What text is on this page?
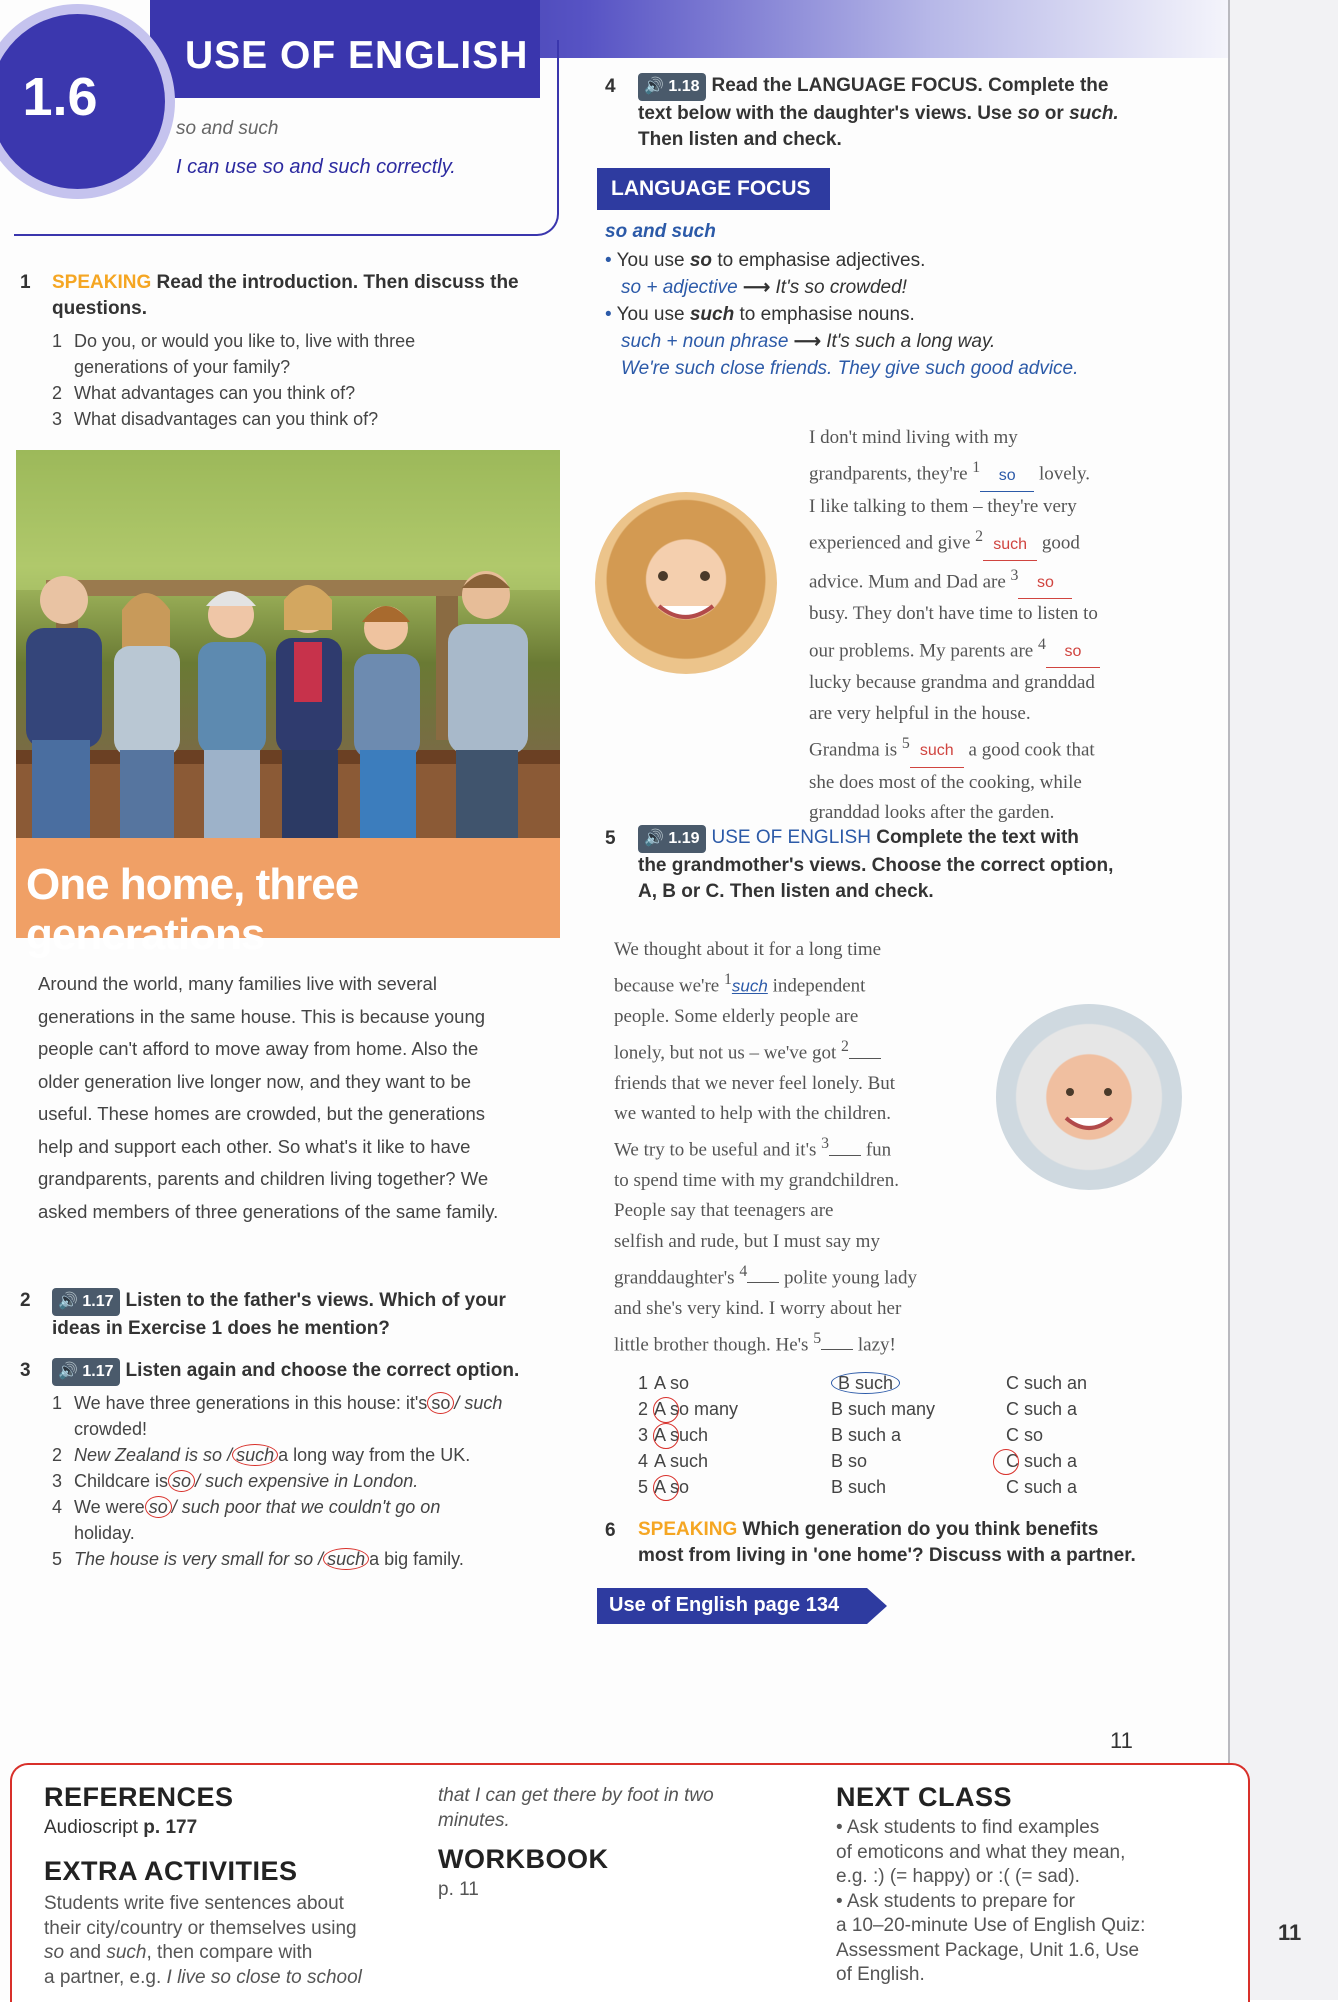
USE OF ENGLISH
1.6
so and such
I can use so and such correctly.
1 SPEAKING Read the introduction. Then discuss the questions.
1 Do you, or would you like to, live with three
generations of your family?
2 What advantages can you think of?
3 What disadvantages can you think of?
One home, three generations
Around the world, many families live with several
generations in the same house. This is because young
people can't afford to move away from home. Also the
older generation live longer now, and they want to be
useful. These homes are crowded, but the generations
help and support each other. So what's it like to have
grandparents, parents and children living together? We
asked members of three generations of the same family.
2	🔊 1.17 Listen to the father's views. Which of your
ideas in Exercise 1 does he mention?
3	🔊 1.17 Listen again and choose the correct option.
1 We have three generations in this house: it's so / such
crowded!
2 New Zealand is so / such a long way from the UK.
3 Childcare is so / such expensive in London.
4 We were so / such poor that we couldn't go on
holiday.
5 The house is very small for so / such a big family.
4	🔊 1.18 Read the LANGUAGE FOCUS. Complete the
text below with the daughter's views. Use so or such.
Then listen and check.
LANGUAGE FOCUS
so and such
• You use so to emphasise adjectives.
so + adjective ⟶ It's so crowded!
• You use such to emphasise nouns.
such + noun phrase ⟶ It's such a long way.
We're such close friends. They give such good advice.
I don't mind living with my
grandparents, they're $^1$ so lovely.
I like talking to them – they're very
experienced and give $^2$ such good
advice. Mum and Dad are $^3$ so
busy. They don't have time to listen to
our problems. My parents are $^4$ so
lucky because grandma and granddad
are very helpful in the house.
Grandma is $^5$ such a good cook that
she does most of the cooking, while
granddad looks after the garden.
5	🔊 1.19 USE OF ENGLISH Complete the text with
the grandmother's views. Choose the correct option,
A, B or C. Then listen and check.
We thought about it for a long time
because we're $^1$such independent
people. Some elderly people are
lonely, but not us – we've got $^2$
friends that we never feel lonely. But
we wanted to help with the children.
We try to be useful and it's $^3$ fun
to spend time with my grandchildren.
People say that teenagers are
selfish and rude, but I must say my
granddaughter's $^4$ polite young lady
and she's very kind. I worry about her
little brother though. He's $^5$ lazy!
1 A so	B such	C such an
2 A so many	B such many	C such a
3 A such	B such a	C so
4 A such	B so	C such a
5 A so	B such	C such a
6 SPEAKING Which generation do you think benefits
most from living in 'one home'? Discuss with a partner.
Use of English page 134
11
REFERENCES
Audioscript p. 177
EXTRA ACTIVITIES
Students write five sentences about
their city/country or themselves using
so and such, then compare with
a partner, e.g. I live so close to school
that I can get there by foot in two
minutes.
WORKBOOK
p. 11
NEXT CLASS
• Ask students to find examples
of emoticons and what they mean,
e.g. :) (= happy) or :( (= sad).
• Ask students to prepare for
a 10–20-minute Use of English Quiz:
Assessment Package, Unit 1.6, Use
of English.
11
